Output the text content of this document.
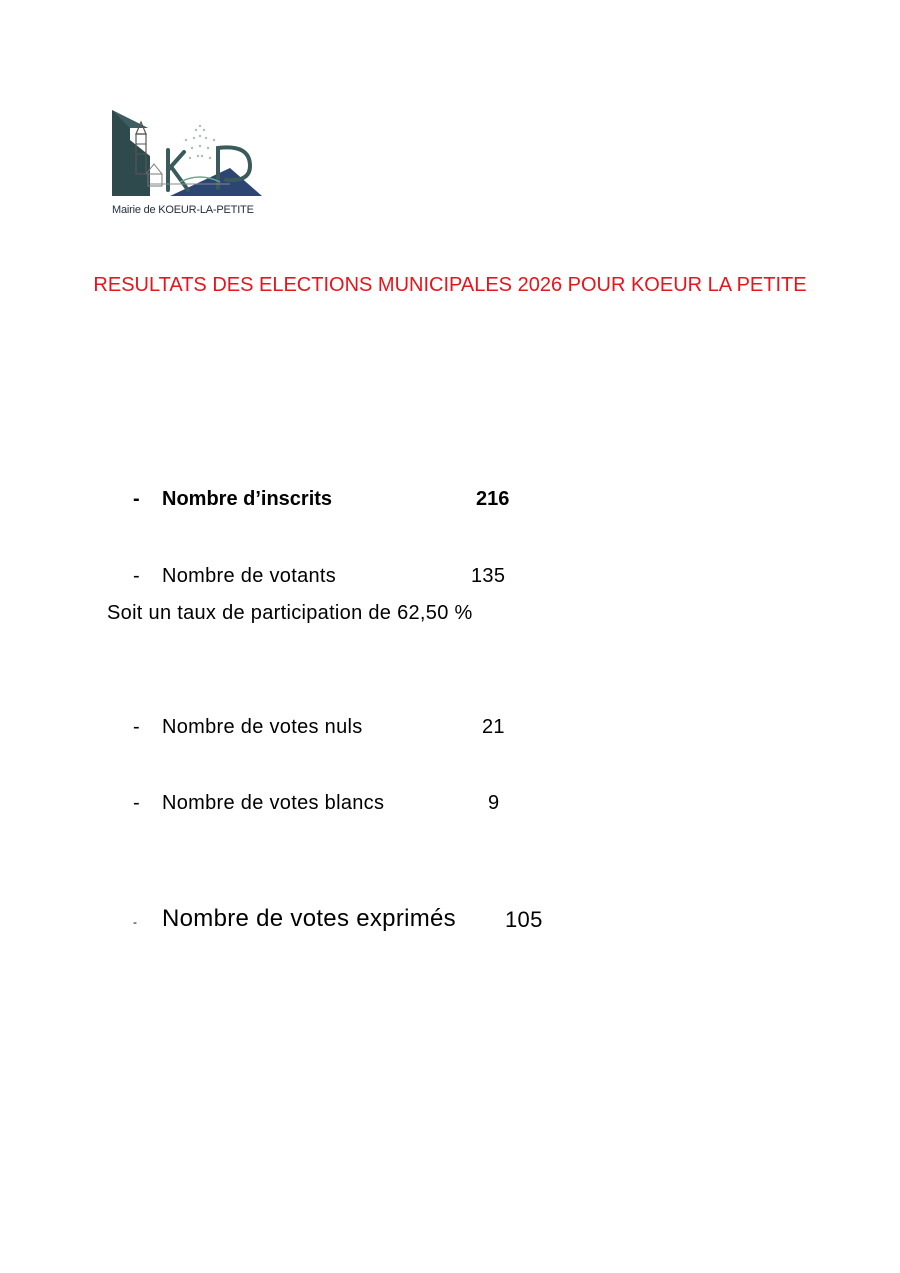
Mairie de KOEUR-LA-PETITE
RESULTATS DES ELECTIONS MUNICIPALES 2026 POUR KOEUR LA PETITE
- Nombre d’inscrits	216
- Nombre de votants	135
Soit un taux de participation de 62,50 %
- Nombre de votes nuls	21
- Nombre de votes blancs	9
- Nombre de votes exprimés 105
